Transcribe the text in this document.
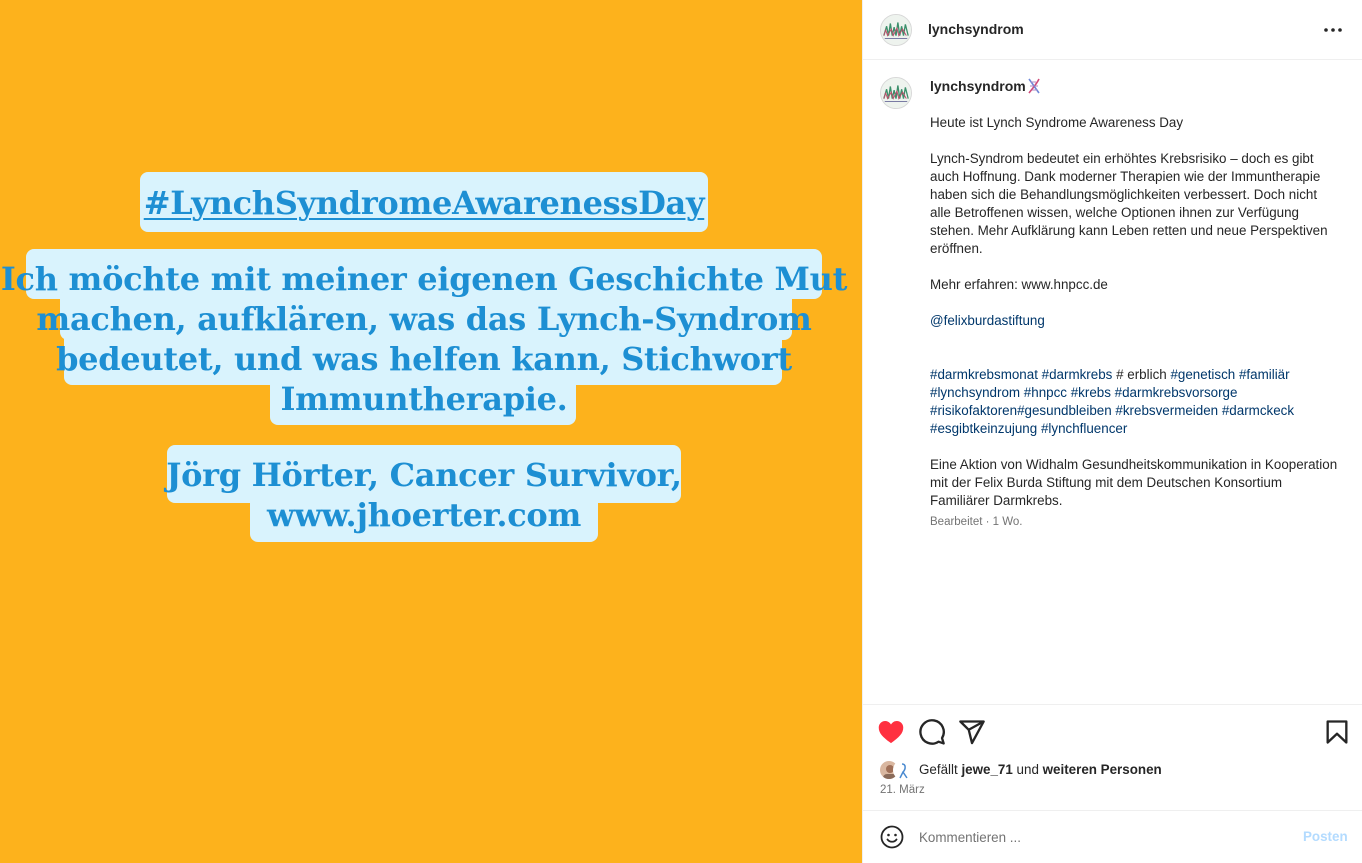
#LynchSyndromeAwarenessDay
Ich möchte mit meiner eigenen Geschichte Mut
machen, aufklären, was das Lynch-Syndrom
bedeutet, und was helfen kann, Stichwort
Immuntherapie.
Jörg Hörter, Cancer Survivor,
www.jhoerter.com
lynchsyndrom
lynchsyndrom

Heute ist Lynch Syndrome Awareness Day

Lynch-Syndrom bedeutet ein erhöhtes Krebsrisiko – doch es gibt auch Hoffnung. Dank moderner Therapien wie der Immuntherapie haben sich die Behandlungsmöglichkeiten verbessert. Doch nicht alle Betroffenen wissen, welche Optionen ihnen zur Verfügung stehen. Mehr Aufklärung kann Leben retten und neue Perspektiven eröffnen.

Mehr erfahren: www.hnpcc.de

@felixburdastiftung

#darmkrebsmonat #darmkrebs # erblich #genetisch #familiär #lynchsyndrom #hnpcc #krebs #darmkrebsvorsorge #risikofaktoren#gesundbleiben #krebsvermeiden #darmckeck #esgibtkeinzujung #lynchfluencer

Eine Aktion von Widhalm Gesundheitskommunikation in Kooperation mit der Felix Burda Stiftung mit dem Deutschen Konsortium Familiärer Darmkrebs.

Bearbeitet · 1 Wo.
Gefällt jewe_71 und weiteren Personen
21. März
Kommentieren ...
Posten
